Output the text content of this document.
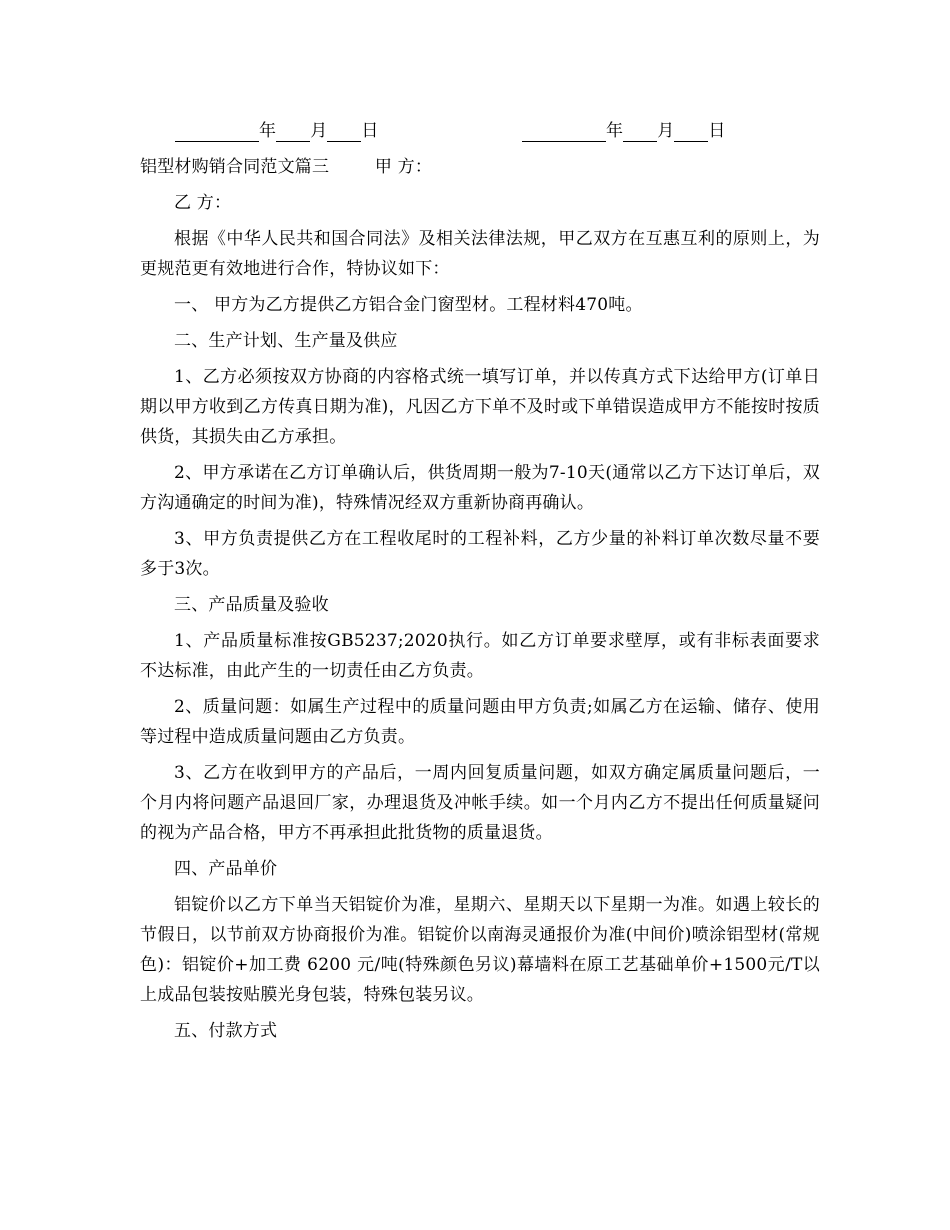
年 月 日	年 月 日
铝型材购销合同范文篇三	甲 方：

乙 方：

根据《中华人民共和国合同法》及相关法律法规，甲乙双方在互惠互利的原则上，为更规范更有效地进行合作，特协议如下：

一、 甲方为乙方提供乙方铝合金门窗型材。工程材料470吨。

二、生产计划、生产量及供应

1、乙方必须按双方协商的内容格式统一填写订单，并以传真方式下达给甲方(订单日期以甲方收到乙方传真日期为准)，凡因乙方下单不及时或下单错误造成甲方不能按时按质供货，其损失由乙方承担。

2、甲方承诺在乙方订单确认后，供货周期一般为7-10天(通常以乙方下达订单后，双方沟通确定的时间为准)，特殊情况经双方重新协商再确认。

3、甲方负责提供乙方在工程收尾时的工程补料，乙方少量的补料订单次数尽量不要多于3次。

三、产品质量及验收

1、产品质量标准按GB5237;2020执行。如乙方订单要求壁厚，或有非标表面要求不达标准，由此产生的一切责任由乙方负责。

2、质量问题：如属生产过程中的质量问题由甲方负责;如属乙方在运输、储存、使用等过程中造成质量问题由乙方负责。

3、乙方在收到甲方的产品后，一周内回复质量问题，如双方确定属质量问题后，一个月内将问题产品退回厂家，办理退货及冲帐手续。如一个月内乙方不提出任何质量疑问的视为产品合格，甲方不再承担此批货物的质量退货。

四、产品单价

铝锭价以乙方下单当天铝锭价为准，星期六、星期天以下星期一为准。如遇上较长的节假日，以节前双方协商报价为准。铝锭价以南海灵通报价为准(中间价)喷涂铝型材(常规色)：铝锭价+加工费 6200 元/吨(特殊颜色另议)幕墙料在原工艺基础单价+1500元/T以上成品包装按贴膜光身包装，特殊包装另议。

五、付款方式
